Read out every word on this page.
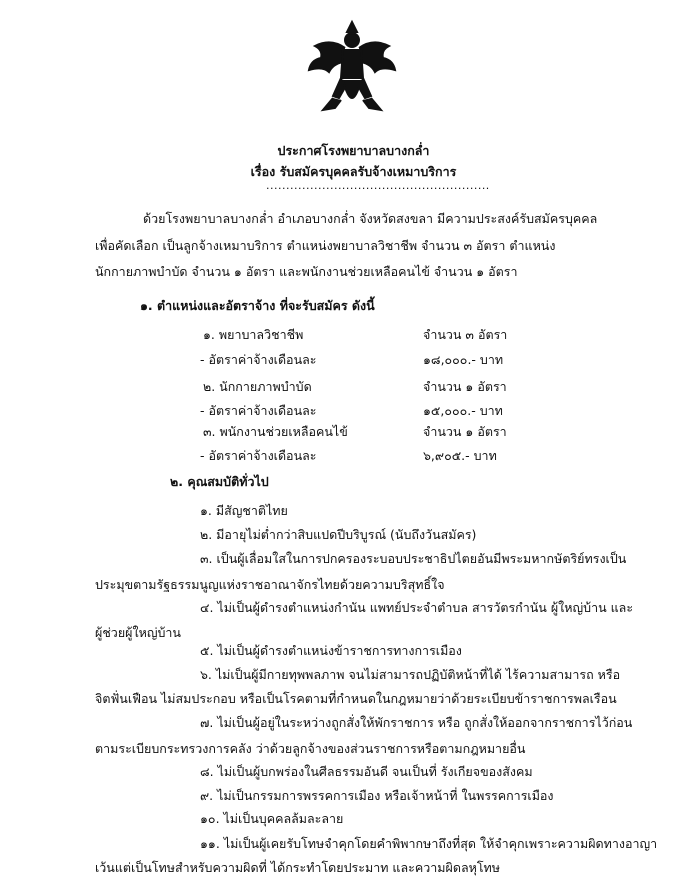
ประกาศโรงพยาบาลบางกล่ำ
เรื่อง รับสมัครบุคคลรับจ้างเหมาบริการ
........................................................
ด้วยโรงพยาบาลบางกล่ำ อำเภอบางกล่ำ จังหวัดสงขลา มีความประสงค์รับสมัครบุคคล
เพื่อคัดเลือก เป็นลูกจ้างเหมาบริการ ตำแหน่งพยาบาลวิชาชีพ จำนวน ๓ อัตรา ตำแหน่ง
นักกายภาพบำบัด จำนวน ๑ อัตรา และพนักงานช่วยเหลือคนไข้ จำนวน ๑ อัตรา
๑. ตำแหน่งและอัตราจ้าง ที่จะรับสมัคร ดังนี้
๑. พยาบาลวิชาชีพ	จำนวน ๓ อัตรา
- อัตราค่าจ้างเดือนละ	๑๘,๐๐๐.- บาท
๒. นักกายภาพบำบัด	จำนวน ๑ อัตรา
- อัตราค่าจ้างเดือนละ	๑๕,๐๐๐.- บาท
๓. พนักงานช่วยเหลือคนไข้	จำนวน ๑ อัตรา
- อัตราค่าจ้างเดือนละ	๖,๙๐๕.- บาท
๒. คุณสมบัติทั่วไป
๑. มีสัญชาติไทย
๒. มีอายุไม่ต่ำกว่าสิบแปดปีบริบูรณ์ (นับถึงวันสมัคร)
๓. เป็นผู้เลื่อมใสในการปกครองระบอบประชาธิปไตยอันมีพระมหากษัตริย์ทรงเป็น
ประมุขตามรัฐธรรมนูญแห่งราชอาณาจักรไทยด้วยความบริสุทธิ์ใจ
๔. ไม่เป็นผู้ดำรงตำแหน่งกำนัน แพทย์ประจำตำบล สารวัตรกำนัน ผู้ใหญ่บ้าน และ
ผู้ช่วยผู้ใหญ่บ้าน
๕. ไม่เป็นผู้ดำรงตำแหน่งข้าราชการทางการเมือง
๖. ไม่เป็นผู้มีกายทุพพลภาพ จนไม่สามารถปฏิบัติหน้าที่ได้ ไร้ความสามารถ หรือ
จิตฟั่นเฟือน ไม่สมประกอบ หรือเป็นโรคตามที่กำหนดในกฎหมายว่าด้วยระเบียบข้าราชการพลเรือน
๗. ไม่เป็นผู้อยู่ในระหว่างถูกสั่งให้พักราชการ หรือ ถูกสั่งให้ออกจากราชการไว้ก่อน
ตามระเบียบกระทรวงการคลัง ว่าด้วยลูกจ้างของส่วนราชการหรือตามกฎหมายอื่น
๘. ไม่เป็นผู้บกพร่องในศีลธรรมอันดี จนเป็นที่ รังเกียจของสังคม
๙. ไม่เป็นกรรมการพรรคการเมือง หรือเจ้าหน้าที่ ในพรรคการเมือง
๑๐. ไม่เป็นบุคคลล้มละลาย
๑๑. ไม่เป็นผู้เคยรับโทษจำคุกโดยคำพิพากษาถึงที่สุด ให้จำคุกเพราะความผิดทางอาญา
เว้นแต่เป็นโทษสำหรับความผิดที่ ได้กระทำโดยประมาท และความผิดลหุโทษ
